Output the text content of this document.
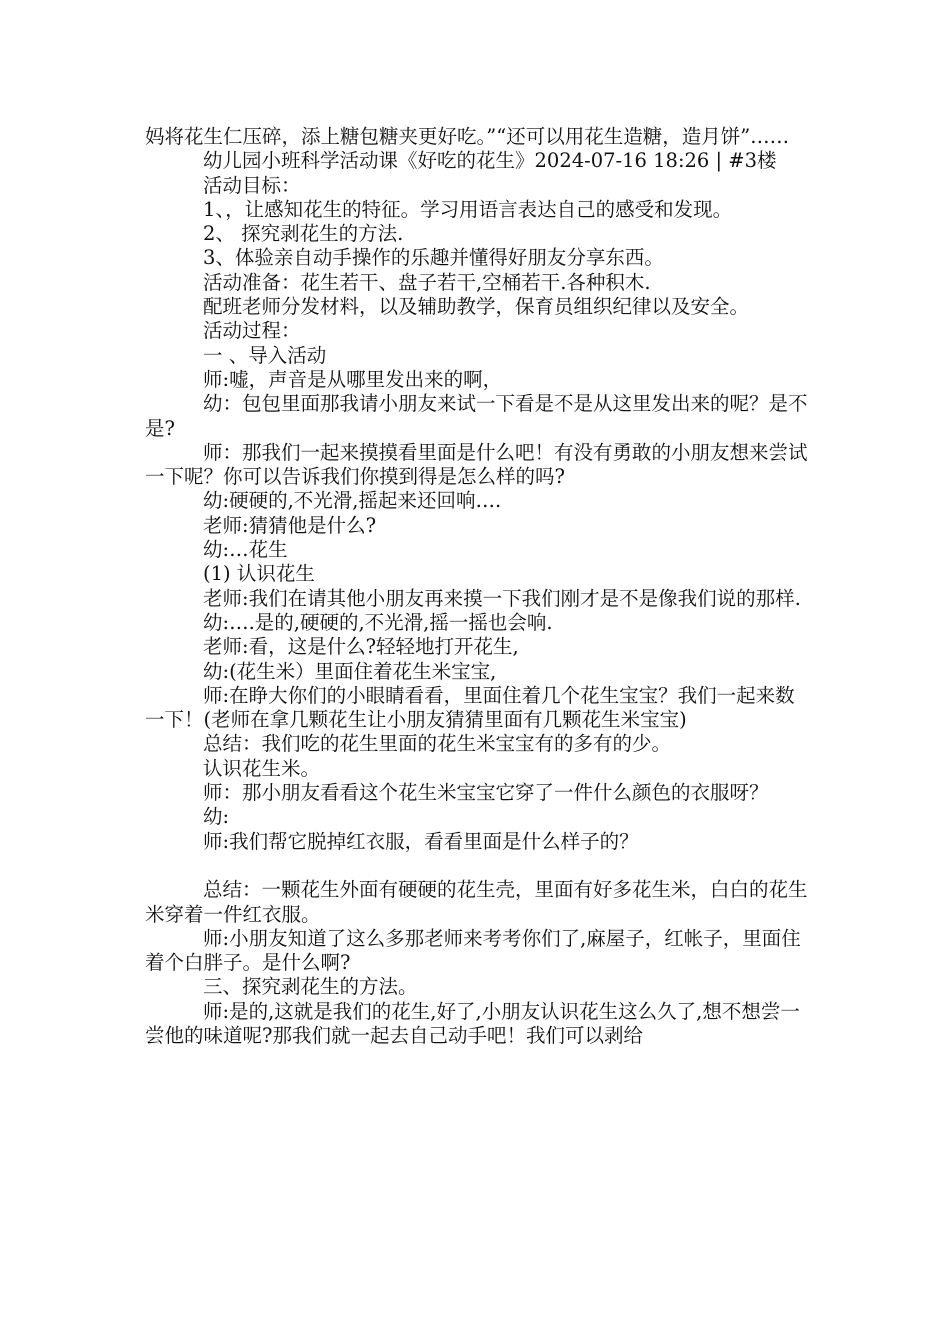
妈将花生仁压碎，添上糖包糖夹更好吃。”“还可以用花生造糖，造月饼”……

幼儿园小班科学活动课《好吃的花生》2024-07-16 18:26 | #3楼

活动目标：

1、，让感知花生的特征。学习用语言表达自己的感受和发现。

2、 探究剥花生的方法.

3、体验亲自动手操作的乐趣并懂得好朋友分享东西。

活动准备：花生若干、盘子若干,空桶若干.各种积木.

配班老师分发材料，以及辅助教学，保育员组织纪律以及安全。

活动过程：

一 、导入活动

师:嘘，声音是从哪里发出来的啊，

幼：包包里面那我请小朋友来试一下看是不是从这里发出来的呢？是不是?

师：那我们一起来摸摸看里面是什么吧！有没有勇敢的小朋友想来尝试一下呢？你可以告诉我们你摸到得是怎么样的吗?

幼:硬硬的,不光滑,摇起来还回响….

老师:猜猜他是什么?

幼:…花生

(1) 认识花生

老师:我们在请其他小朋友再来摸一下我们刚才是不是像我们说的那样.

幼:….是的,硬硬的,不光滑,摇一摇也会响.

老师:看，这是什么?轻轻地打开花生,

幼:(花生米）里面住着花生米宝宝,

师:在睁大你们的小眼睛看看，里面住着几个花生宝宝？我们一起来数一下！(老师在拿几颗花生让小朋友猜猜里面有几颗花生米宝宝)

总结：我们吃的花生里面的花生米宝宝有的多有的少。

认识花生米。

师：那小朋友看看这个花生米宝宝它穿了一件什么颜色的衣服呀？

幼:

师:我们帮它脱掉红衣服，看看里面是什么样子的？

总结：一颗花生外面有硬硬的花生壳，里面有好多花生米，白白的花生米穿着一件红衣服。

师:小朋友知道了这么多那老师来考考你们了,麻屋子，红帐子，里面住着个白胖子。是什么啊?

三、探究剥花生的方法。

师:是的,这就是我们的花生,好了,小朋友认识花生这么久了,想不想尝一尝他的味道呢?那我们就一起去自己动手吧！我们可以剥给
